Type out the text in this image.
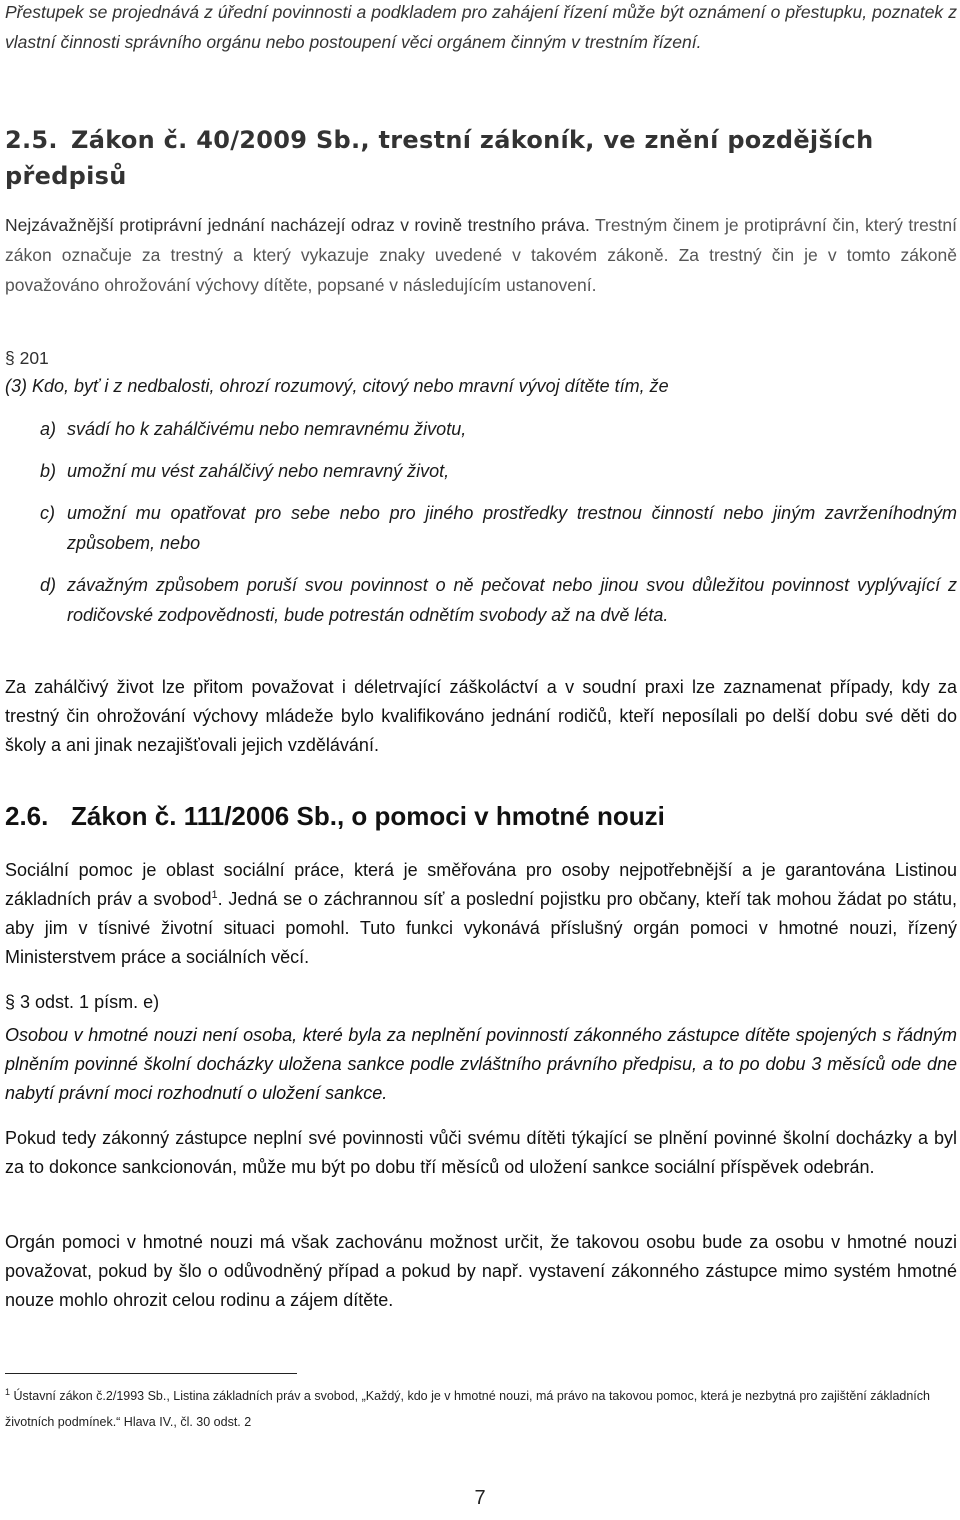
Přestupek se projednává z úřední povinnosti a podkladem pro zahájení řízení může být oznámení o přestupku, poznatek z vlastní činnosti správního orgánu nebo postoupení věci orgánem činným v trestním řízení.

2.5. Zákon č. 40/2009 Sb., trestní zákoník, ve znění pozdějších předpisů

Nejzávažnější protiprávní jednání nacházejí odraz v rovině trestního práva. Trestným činem je protiprávní čin, který trestní zákon označuje za trestný a který vykazuje znaky uvedené v takovém zákoně. Za trestný čin je v tomto zákoně považováno ohrožování výchovy dítěte, popsané v následujícím ustanovení.

§ 201

(3) Kdo, byť i z nedbalosti, ohrozí rozumový, citový nebo mravní vývoj dítěte tím, že

a) svádí ho k zahálčivému nebo nemravnému životu,
b) umožní mu vést zahálčivý nebo nemravný život,
c) umožní mu opatřovat pro sebe nebo pro jiného prostředky trestnou činností nebo jiným zavrženíhodným způsobem, nebo
d) závažným způsobem poruší svou povinnost o ně pečovat nebo jinou svou důležitou povinnost vyplývající z rodičovské zodpovědnosti, bude potrestán odnětím svobody až na dvě léta.

Za zahálčivý život lze přitom považovat i déletrvající záškoláctví a v soudní praxi lze zaznamenat případy, kdy za trestný čin ohrožování výchovy mládeže bylo kvalifikováno jednání rodičů, kteří neposílali po delší dobu své děti do školy a ani jinak nezajišťovali jejich vzdělávání.

2.6. Zákon č. 111/2006 Sb., o pomoci v hmotné nouzi

Sociální pomoc je oblast sociální práce, která je směřována pro osoby nejpotřebnější a je garantována Listinou základních práv a svobod$^1$. Jedná se o záchrannou síť a poslední pojistku pro občany, kteří tak mohou žádat po státu, aby jim v tísnivé životní situaci pomohl. Tuto funkci vykonává příslušný orgán pomoci v hmotné nouzi, řízený Ministerstvem práce a sociálních věcí.

§ 3 odst. 1 písm. e)

Osobou v hmotné nouzi není osoba, které byla za neplnění povinností zákonného zástupce dítěte spojených s řádným plněním povinné školní docházky uložena sankce podle zvláštního právního předpisu, a to po dobu 3 měsíců ode dne nabytí právní moci rozhodnutí o uložení sankce.

Pokud tedy zákonný zástupce neplní své povinnosti vůči svému dítěti týkající se plnění povinné školní docházky a byl za to dokonce sankcionován, může mu být po dobu tří měsíců od uložení sankce sociální příspěvek odebrán.

Orgán pomoci v hmotné nouzi má však zachovánu možnost určit, že takovou osobu bude za osobu v hmotné nouzi považovat, pokud by šlo o odůvodněný případ a pokud by např. vystavení zákonného zástupce mimo systém hmotné nouze mohlo ohrozit celou rodinu a zájem dítěte.

$^1$ Ústavní zákon č.2/1993 Sb., Listina základních práv a svobod, „Každý, kdo je v hmotné nouzi, má právo na takovou pomoc, která je nezbytná pro zajištění základních životních podmínek.“ Hlava IV., čl. 30 odst. 2

7
